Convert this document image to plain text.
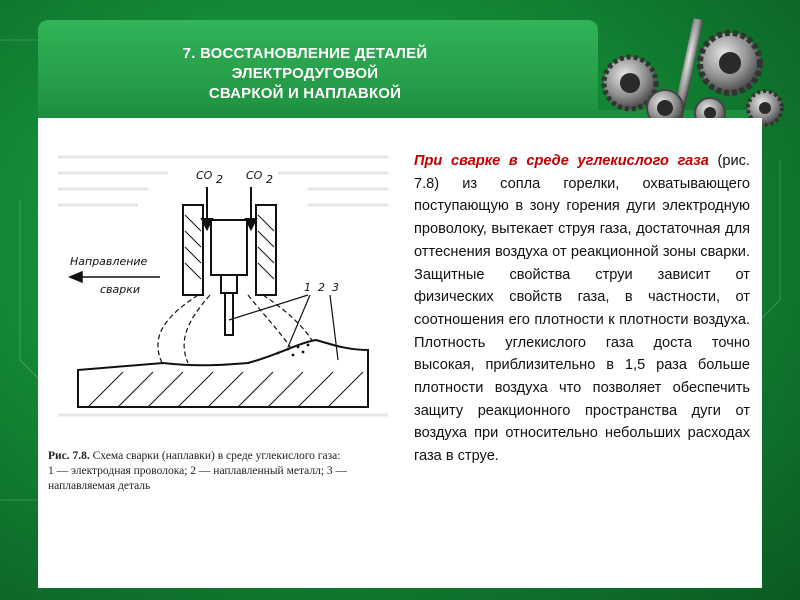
7. ВОССТАНОВЛЕНИЕ ДЕТАЛЕЙ
ЭЛЕКТРОДУГОВОЙ
СВАРКОЙ И НАПЛАВКОЙ
CO 2 CO 2
1 2 3
Направление
сварки
Рис. 7.8. Схема сварки (наплавки) в среде углекислого газа:
1 — электродная проволока; 2 — наплавленный металл; 3 — наплавляемая деталь
При сварке в среде углекислого газа (рис. 7.8) из сопла горелки, охватывающего поступающую в зону горения дуги электродную проволоку, вытекает струя газа, достаточная для оттеснения воздуха от реакционной зоны сварки. Защитные свойства струи зависит от физических свойств газа, в частности, от соотношения его плотности к плотности воздуха. Плотность углекислого газа доста точно высокая, приблизительно в 1,5 раза больше плотности воздуха что позволяет обеспечить защиту реакционного пространства дуги от воздуха при относительно небольших расходах газа в струе.
